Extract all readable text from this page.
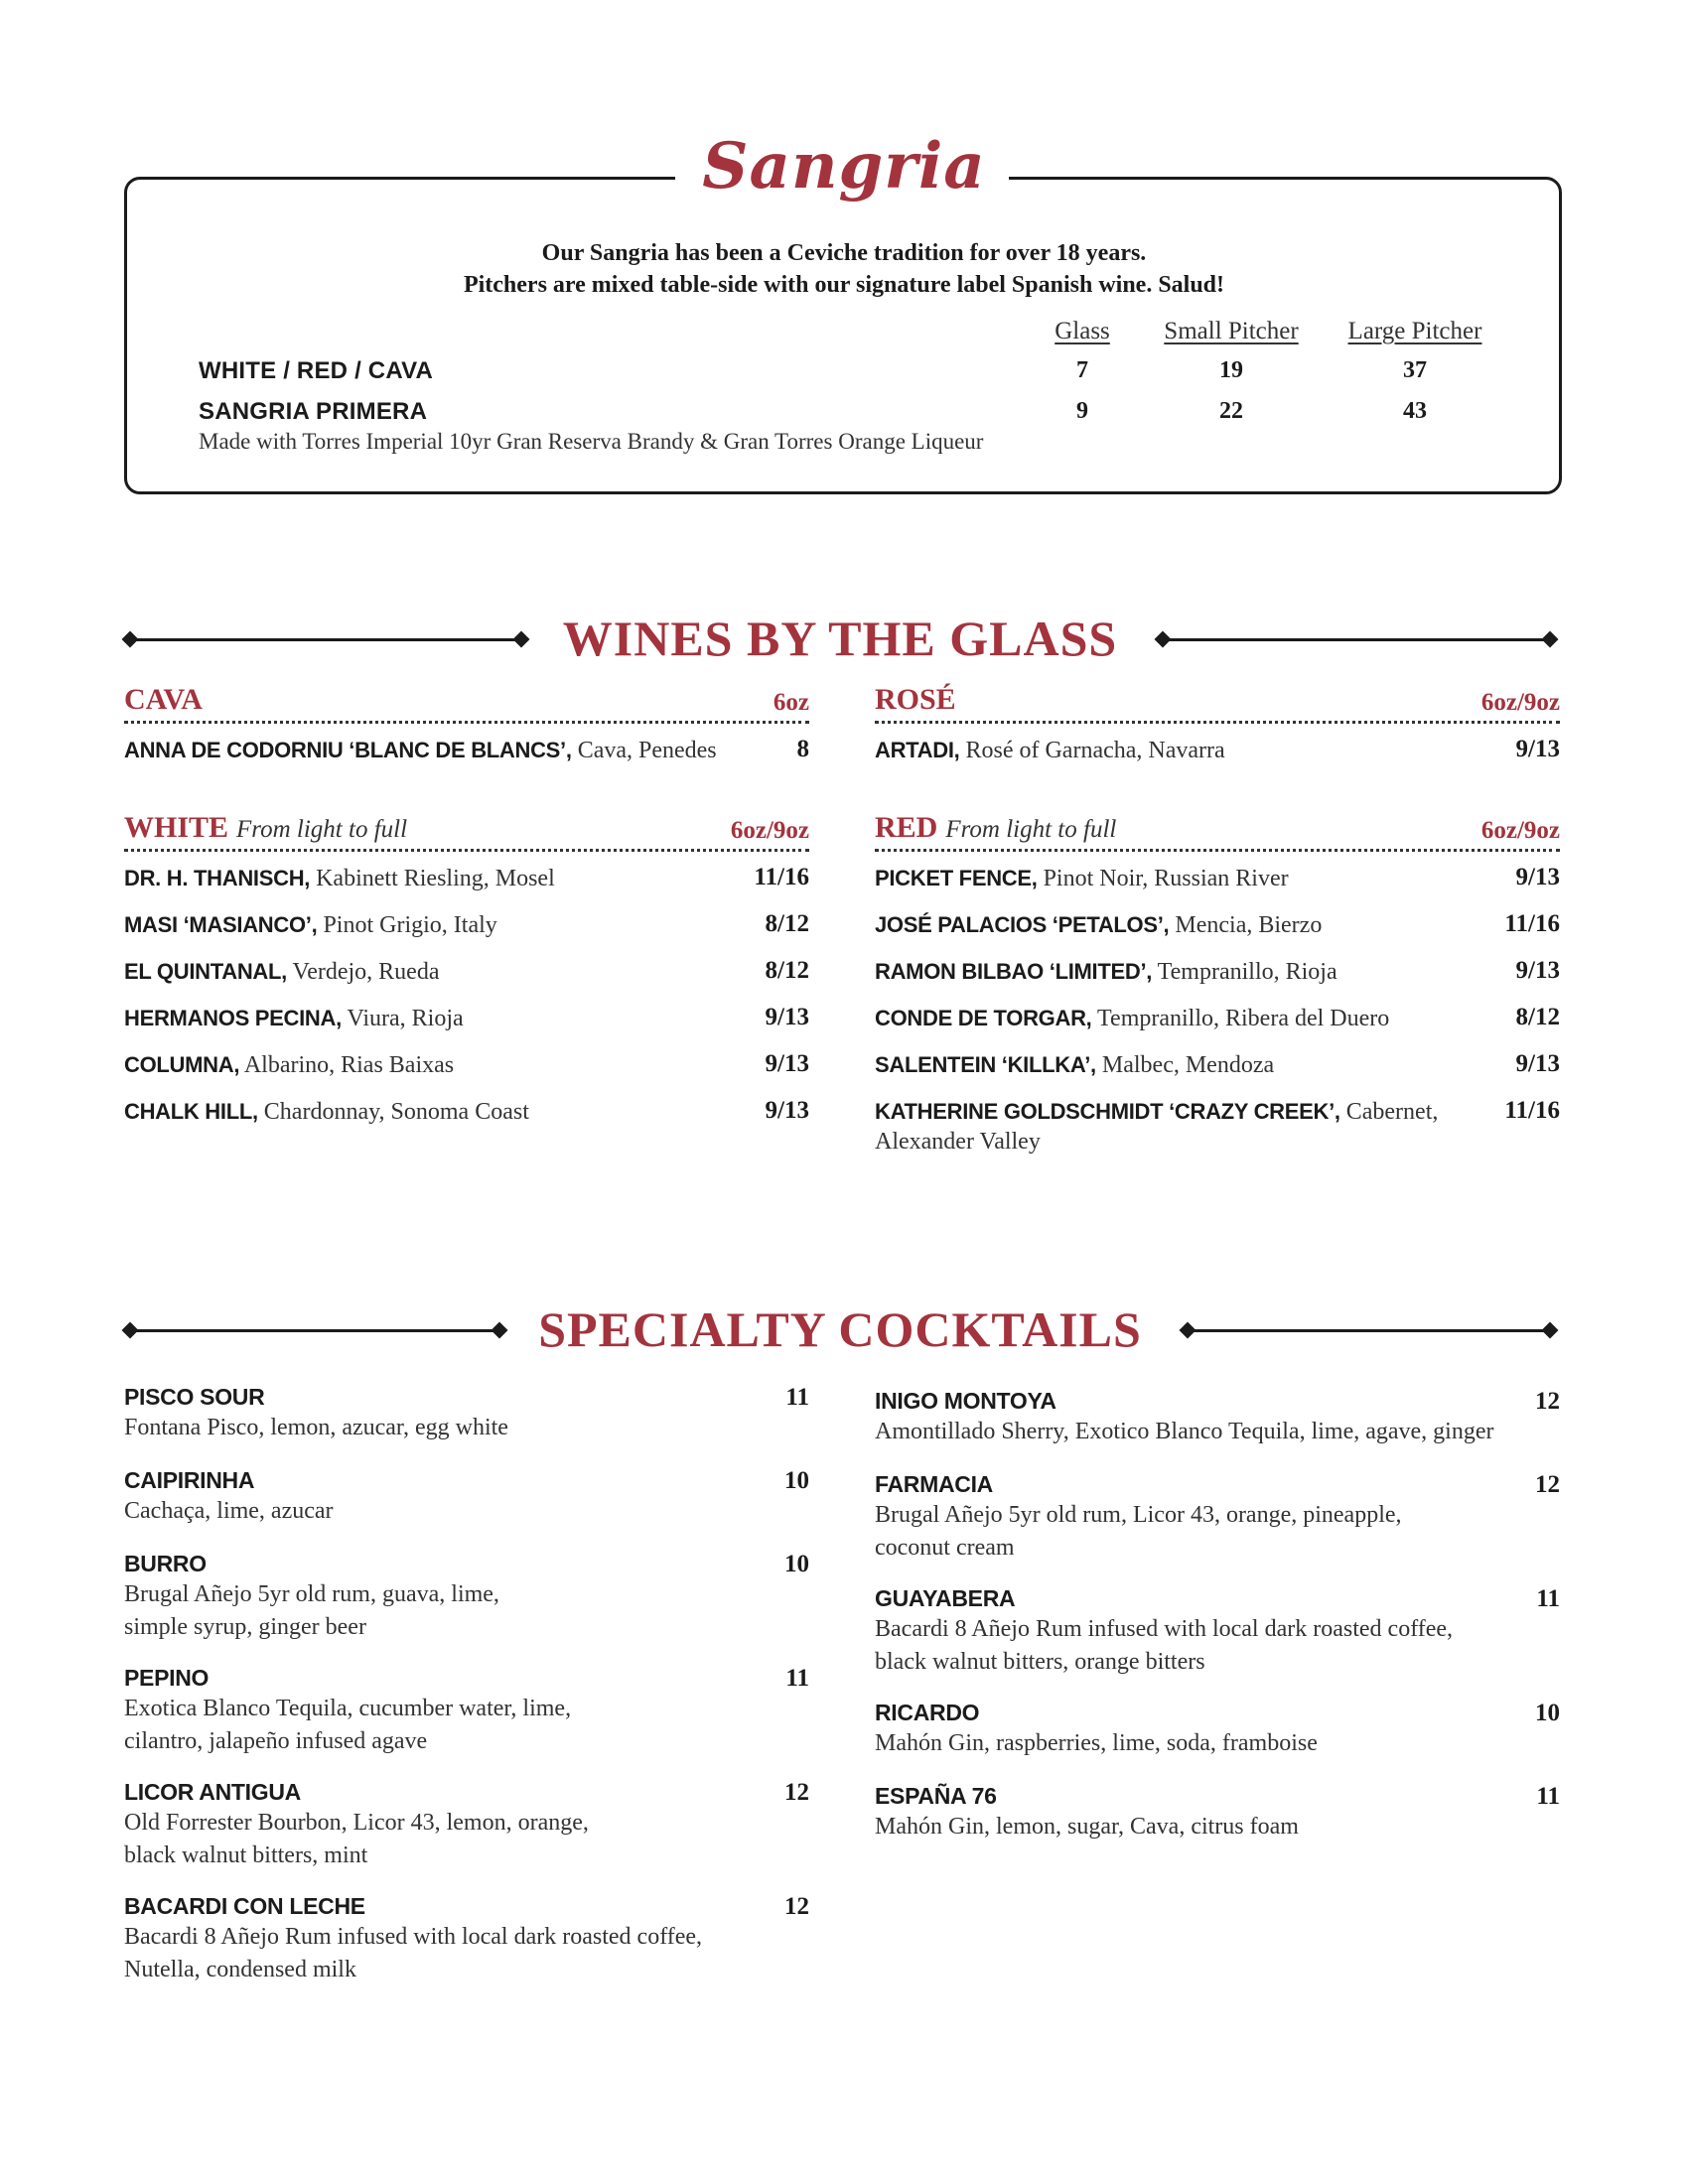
Sangria
Our Sangria has been a Ceviche tradition for over 18 years.
Pitchers are mixed table-side with our signature label Spanish wine. Salud!
Glass	Small Pitcher	Large Pitcher
WHITE / RED / CAVA	7	19	37
SANGRIA PRIMERA	9	22	43
Made with Torres Imperial 10yr Gran Reserva Brandy & Gran Torres Orange Liqueur
WINES BY THE GLASS
CAVA	6oz
ANNA DE CODORNIU ‘BLANC DE BLANCS’, Cava, Penedes	8
ROSÉ	6oz/9oz
ARTADI, Rosé of Garnacha, Navarra	9/13
WHITE From light to full	6oz/9oz
DR. H. THANISCH, Kabinett Riesling, Mosel	11/16
MASI ‘MASIANCO’, Pinot Grigio, Italy	8/12
EL QUINTANAL, Verdejo, Rueda	8/12
HERMANOS PECINA, Viura, Rioja	9/13
COLUMNA, Albarino, Rias Baixas	9/13
CHALK HILL, Chardonnay, Sonoma Coast	9/13
RED From light to full	6oz/9oz
PICKET FENCE, Pinot Noir, Russian River	9/13
JOSÉ PALACIOS ‘PETALOS’, Mencia, Bierzo	11/16
RAMON BILBAO ‘LIMITED’, Tempranillo, Rioja	9/13
CONDE DE TORGAR, Tempranillo, Ribera del Duero	8/12
SALENTEIN ‘KILLKA’, Malbec, Mendoza	9/13
KATHERINE GOLDSCHMIDT ‘CRAZY CREEK’, Cabernet, Alexander Valley
11/16
SPECIALTY COCKTAILS
PISCO SOUR	11
Fontana Pisco, lemon, azucar, egg white
CAIPIRINHA	10
Cachaça, lime, azucar
BURRO	10
Brugal Añejo 5yr old rum, guava, lime,
simple syrup, ginger beer
PEPINO	11
Exotica Blanco Tequila, cucumber water, lime,
cilantro, jalapeño infused agave
LICOR ANTIGUA	12
Old Forrester Bourbon, Licor 43, lemon, orange,
black walnut bitters, mint
BACARDI CON LECHE	12
Bacardi 8 Añejo Rum infused with local dark roasted coffee,
Nutella, condensed milk
INIGO MONTOYA	12
Amontillado Sherry, Exotico Blanco Tequila, lime, agave, ginger
FARMACIA	12
Brugal Añejo 5yr old rum, Licor 43, orange, pineapple,
coconut cream
GUAYABERA	11
Bacardi 8 Añejo Rum infused with local dark roasted coffee,
black walnut bitters, orange bitters
RICARDO	10
Mahón Gin, raspberries, lime, soda, framboise
ESPAÑA 76	11
Mahón Gin, lemon, sugar, Cava, citrus foam
